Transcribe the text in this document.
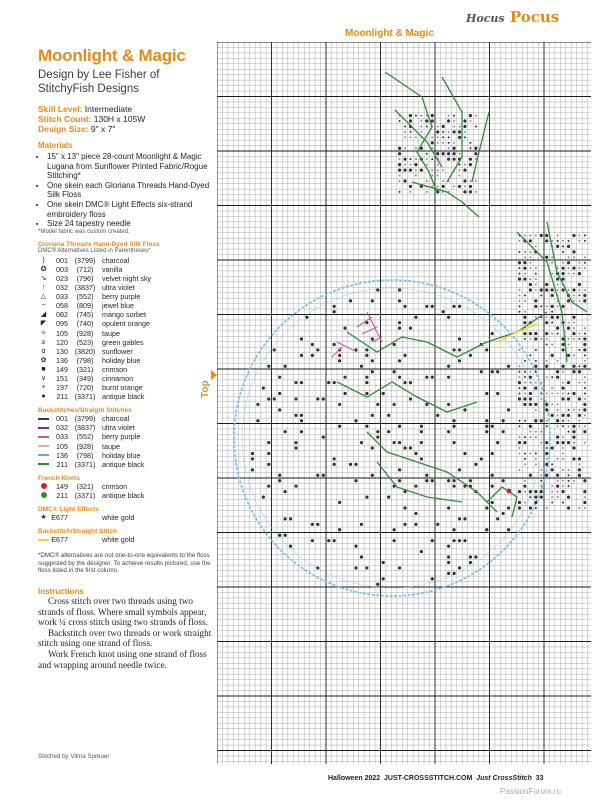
Hocus Pocus
Moonlight & Magic
Moonlight & Magic
Design by Lee Fisher of StitchyFish Designs
Skill Level: Intermediate
Stitch Count: 130H x 105W
Design Size: 9" x 7"
Materials
• 15" x 13" piece 28-count Moonlight & Magic Lugana from Sunflower Printed Fabric/Rogue Stitching*
• One skein each Gloriana Threads Hand-Dyed Silk Floss
• One skein DMC® Light Effects six-strand embroidery floss
• Size 24 tapestry needle
*Model fabric was custom created.
Gloriana Threads Hand-Dyed Silk Floss
DMC® Alternatives Listed in Parentheses*
)	001 (3799) charcoal
✪	003	(712)	vanilla
↘	023	(796)	velvet night sky
↑	032 (3837) ultra violet
△	033	(552)	berry purple
−	058	(809)	jewel blue
◢	082	(745)	mango sorbet
◤	095	(740)	opulent orange
✧	105	(928)	taupe
≥	120	(523)	green gables
ɑ	130 (3820) sunflower
✿	136	(798)	holiday blue
■	149	(321)	crimson
∨	151	(349)	cinnamon
+	197	(720)	burnt orange
●	211 (3371) antique black
Backstitches/Straight Stitches
001 (3799) charcoal
032 (3837) ultra violet
033	(552)	berry purple
105	(928)	taupe
136	(798)	holiday blue
211 (3371) antique black
French Knots
149	(321)	crimson
211 (3371) antique black
DMC® Light Effects
★ E677	white gold
Backstitch/Straight Stitch
E677	white gold
*DMC® alternatives are not one-to-one equivalents to the floss suggested by the designer. To achieve results pictured, use the floss listed in the first column.
Instructions

Cross stitch over two threads using two strands of floss. Where small symbols appear, work ¼ cross stitch using two strands of floss.

Backstitch over two threads or work straight stitch using one strand of floss.

Work French knot using one strand of floss and wrapping around needle twice.

Stitched by Vilma Spreuer
Top
Halloween 2022 JUST-CROSSSTITCH.COM Just CrossStitch 33
PassionForum.ru
